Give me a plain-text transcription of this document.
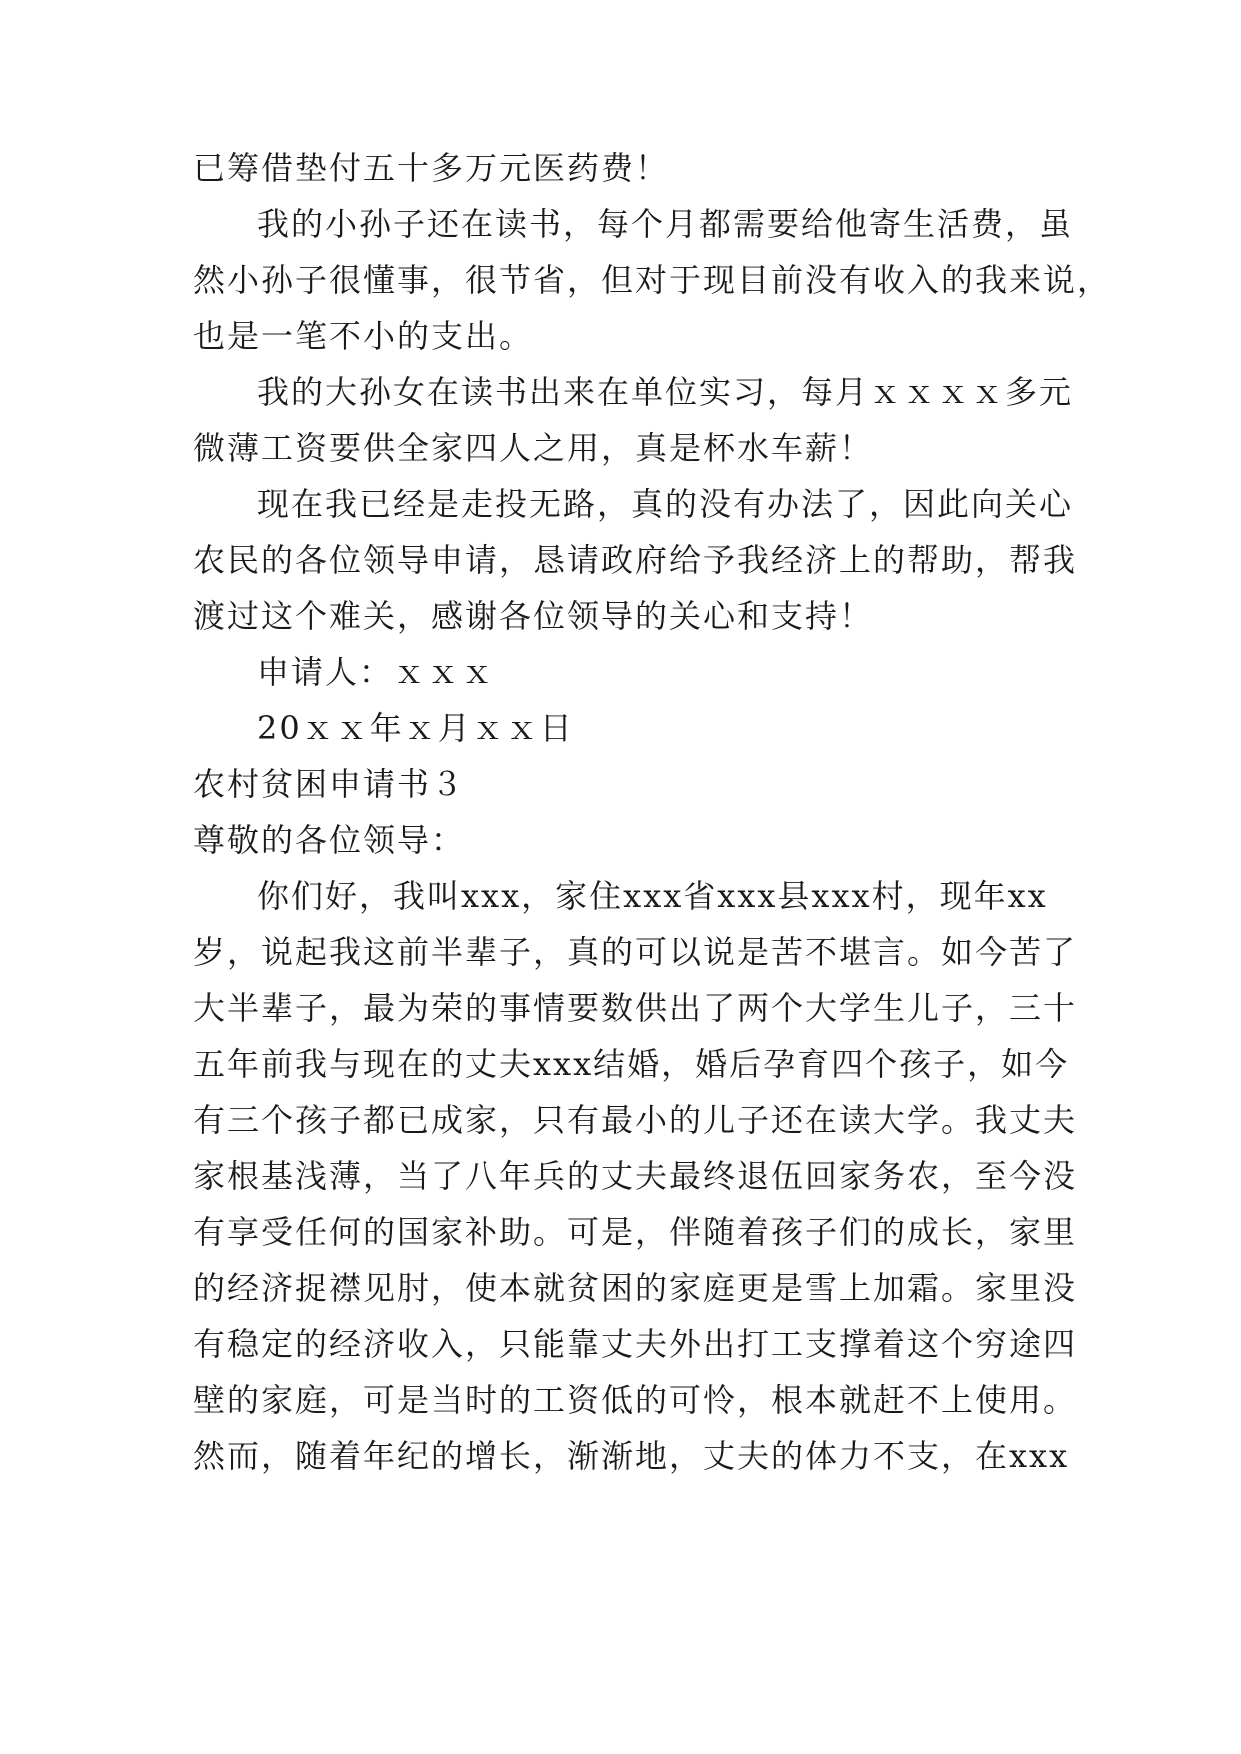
已筹借垫付五十多万元医药费！
我的小孙子还在读书，每个月都需要给他寄生活费，虽
然小孙子很懂事，很节省，但对于现目前没有收入的我来说，
也是一笔不小的支出。
我的大孙女在读书出来在单位实习，每月ｘｘｘｘ多元
微薄工资要供全家四人之用，真是杯水车薪！
现在我已经是走投无路，真的没有办法了，因此向关心
农民的各位领导申请，恳请政府给予我经济上的帮助，帮我
渡过这个难关，感谢各位领导的关心和支持！
申请人：ｘｘｘ
20ｘｘ年ｘ月ｘｘ日
农村贫困申请书３
尊敬的各位领导：
你们好，我叫xxx，家住xxx省xxx县xxx村，现年xx
岁，说起我这前半辈子，真的可以说是苦不堪言。如今苦了
大半辈子，最为荣的事情要数供出了两个大学生儿子，三十
五年前我与现在的丈夫xxx结婚，婚后孕育四个孩子，如今
有三个孩子都已成家，只有最小的儿子还在读大学。我丈夫
家根基浅薄，当了八年兵的丈夫最终退伍回家务农，至今没
有享受任何的国家补助。可是，伴随着孩子们的成长，家里
的经济捉襟见肘，使本就贫困的家庭更是雪上加霜。家里没
有稳定的经济收入，只能靠丈夫外出打工支撑着这个穷途四
壁的家庭，可是当时的工资低的可怜，根本就赶不上使用。
然而，随着年纪的增长，渐渐地，丈夫的体力不支，在xxx
